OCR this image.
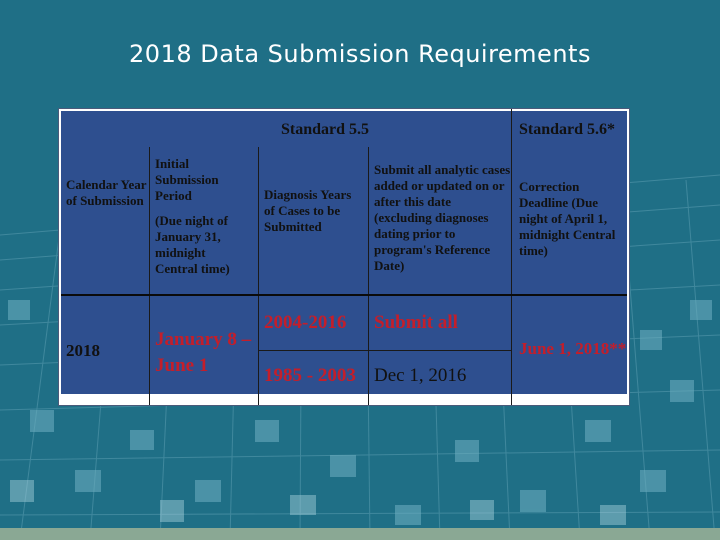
2018 Data Submission Requirements
Standard 5.5	Standard 5.6*
Calendar Year of Submission
Initial Submission Period
(Due night of January 31, midnight Central time)
Diagnosis Years of Cases to be Submitted
Submit all analytic cases added or updated on or after this date (excluding diagnoses dating prior to program's Reference Date)
Correction Deadline (Due night of April 1, midnight Central time)
2018
January 8 – June 1
2004-2016 Submit all
1985 - 2003 Dec 1, 2016
June 1, 2018**
